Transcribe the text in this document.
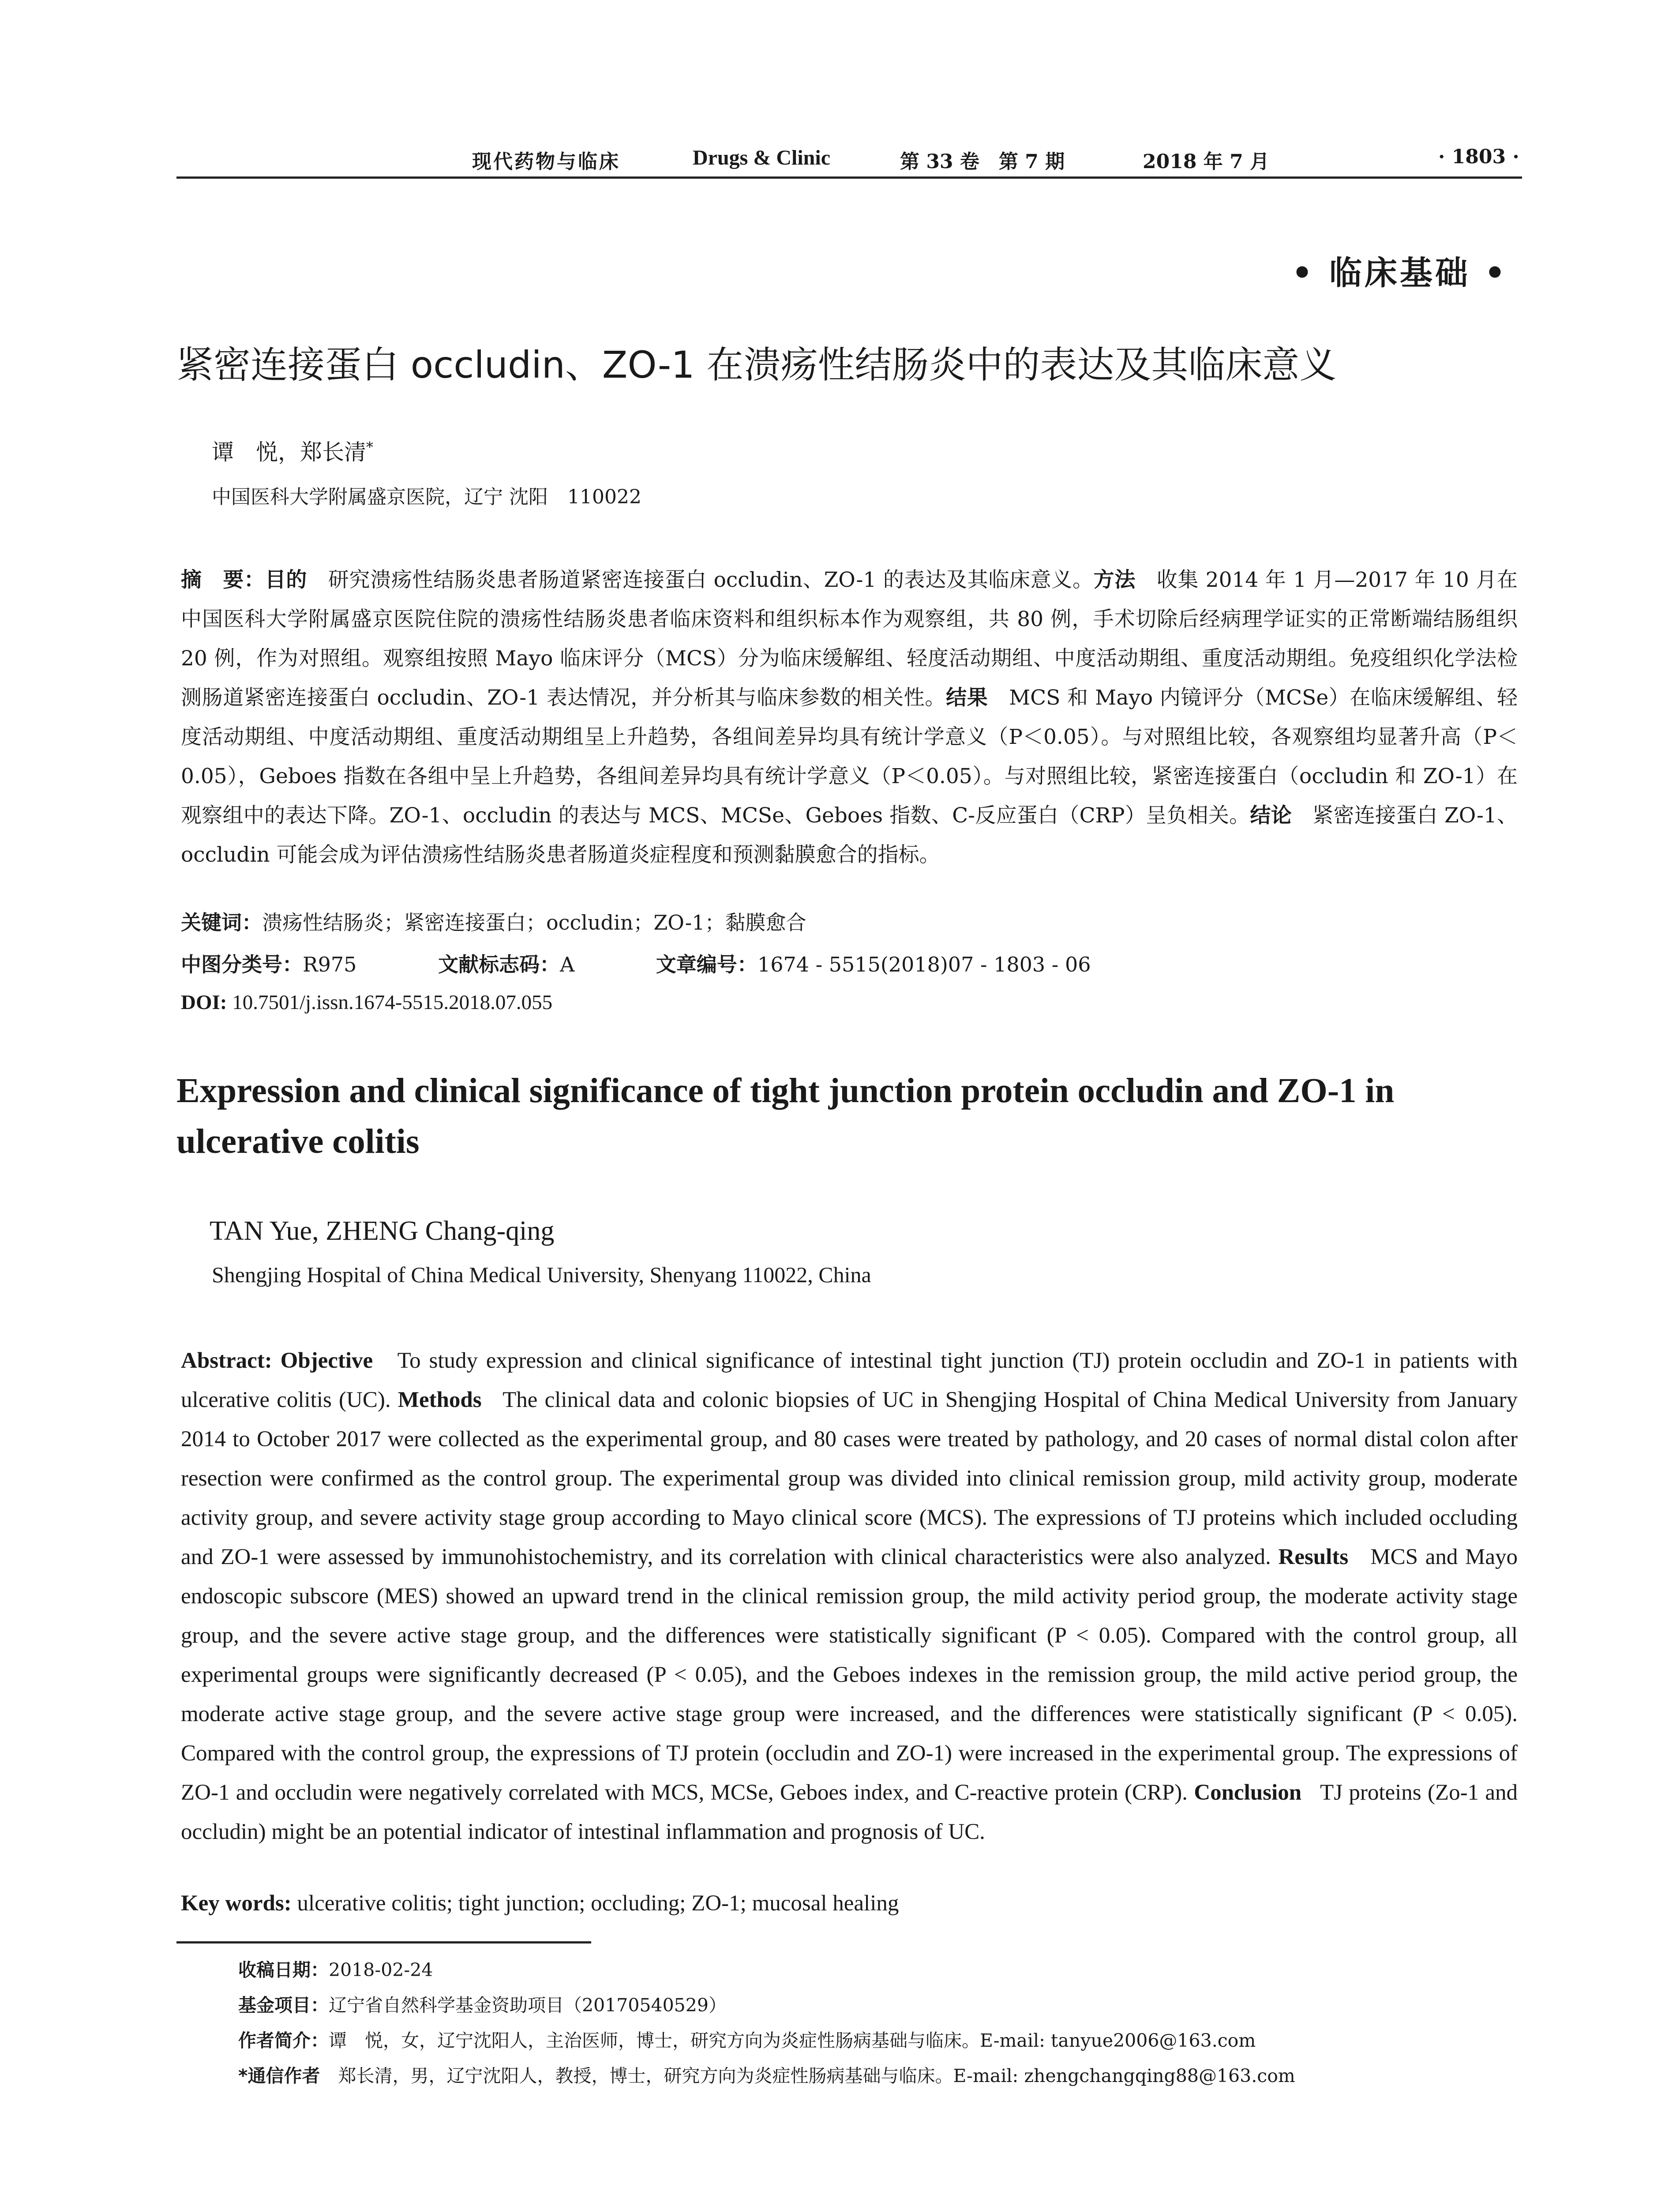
现代药物与临床	Drugs & Clinic	第 33 卷　第 7 期	2018 年 7 月	· 1803 ·
• 临床基础 •
紧密连接蛋白 occludin、ZO-1 在溃疡性结肠炎中的表达及其临床意义
谭　悦，郑长清*
中国医科大学附属盛京医院，辽宁 沈阳　110022
摘　要：目的　 研究溃疡性结肠炎患者肠道紧密连接蛋白 occludin、ZO-1 的表达及其临床意义。方法　 收集 2014 年 1 月—2017 年 10 月在中国医科大学附属盛京医院住院的溃疡性结肠炎患者临床资料和组织标本作为观察组，共 80 例，手术切除后经病理学证实的正常断端结肠组织 20 例，作为对照组。观察组按照 Mayo 临床评分（MCS）分为临床缓解组、轻度活动期组、中度活动期组、重度活动期组。免疫组织化学法检测肠道紧密连接蛋白 occludin、ZO-1 表达情况，并分析其与临床参数的相关性。结果　 MCS 和 Mayo 内镜评分（MCSe）在临床缓解组、轻度活动期组、中度活动期组、重度活动期组呈上升趋势，各组间差异均具有统计学意义（P＜0.05）。与对照组比较，各观察组均显著升高（P＜0.05），Geboes 指数在各组中呈上升趋势，各组间差异均具有统计学意义（P＜0.05）。与对照组比较，紧密连接蛋白（occludin 和 ZO-1）在观察组中的表达下降。ZO-1、occludin 的表达与 MCS、MCSe、Geboes 指数、C-反应蛋白（CRP）呈负相关。结论　 紧密连接蛋白 ZO-1、occludin 可能会成为评估溃疡性结肠炎患者肠道炎症程度和预测黏膜愈合的指标。
关键词：溃疡性结肠炎；紧密连接蛋白；occludin；ZO-1；黏膜愈合
中图分类号：R975	文献标志码：A	文章编号：1674 - 5515(2018)07 - 1803 - 06
DOI: 10.7501/j.issn.1674-5515.2018.07.055
Expression and clinical significance of tight junction protein occludin and ZO-1 in ulcerative colitis
TAN Yue, ZHENG Chang-qing
Shengjing Hospital of China Medical University, Shenyang 110022, China
Abstract: Objective To study expression and clinical significance of intestinal tight junction (TJ) protein occludin and ZO-1 in patients with ulcerative colitis (UC). Methods The clinical data and colonic biopsies of UC in Shengjing Hospital of China Medical University from January 2014 to October 2017 were collected as the experimental group, and 80 cases were treated by pathology, and 20 cases of normal distal colon after resection were confirmed as the control group. The experimental group was divided into clinical remission group, mild activity group, moderate activity group, and severe activity stage group according to Mayo clinical score (MCS). The expressions of TJ proteins which included occluding and ZO-1 were assessed by immunohistochemistry, and its correlation with clinical characteristics were also analyzed. Results MCS and Mayo endoscopic subscore (MES) showed an upward trend in the clinical remission group, the mild activity period group, the moderate activity stage group, and the severe active stage group, and the differences were statistically significant (P < 0.05). Compared with the control group, all experimental groups were significantly decreased (P < 0.05), and the Geboes indexes in the remission group, the mild active period group, the moderate active stage group, and the severe active stage group were increased, and the differences were statistically significant (P < 0.05). Compared with the control group, the expressions of TJ protein (occludin and ZO-1) were increased in the experimental group. The expressions of ZO-1 and occludin were negatively correlated with MCS, MCSe, Geboes index, and C-reactive protein (CRP). Conclusion TJ proteins (Zo-1 and occludin) might be an potential indicator of intestinal inflammation and prognosis of UC.
Key words: ulcerative colitis; tight junction; occluding; ZO-1; mucosal healing
收稿日期：2018-02-24
基金项目：辽宁省自然科学基金资助项目（20170540529）
作者简介：谭　悦，女，辽宁沈阳人，主治医师，博士，研究方向为炎症性肠病基础与临床。E-mail: tanyue2006@163.com
*通信作者　 郑长清，男，辽宁沈阳人，教授，博士，研究方向为炎症性肠病基础与临床。E-mail: zhengchangqing88@163.com
